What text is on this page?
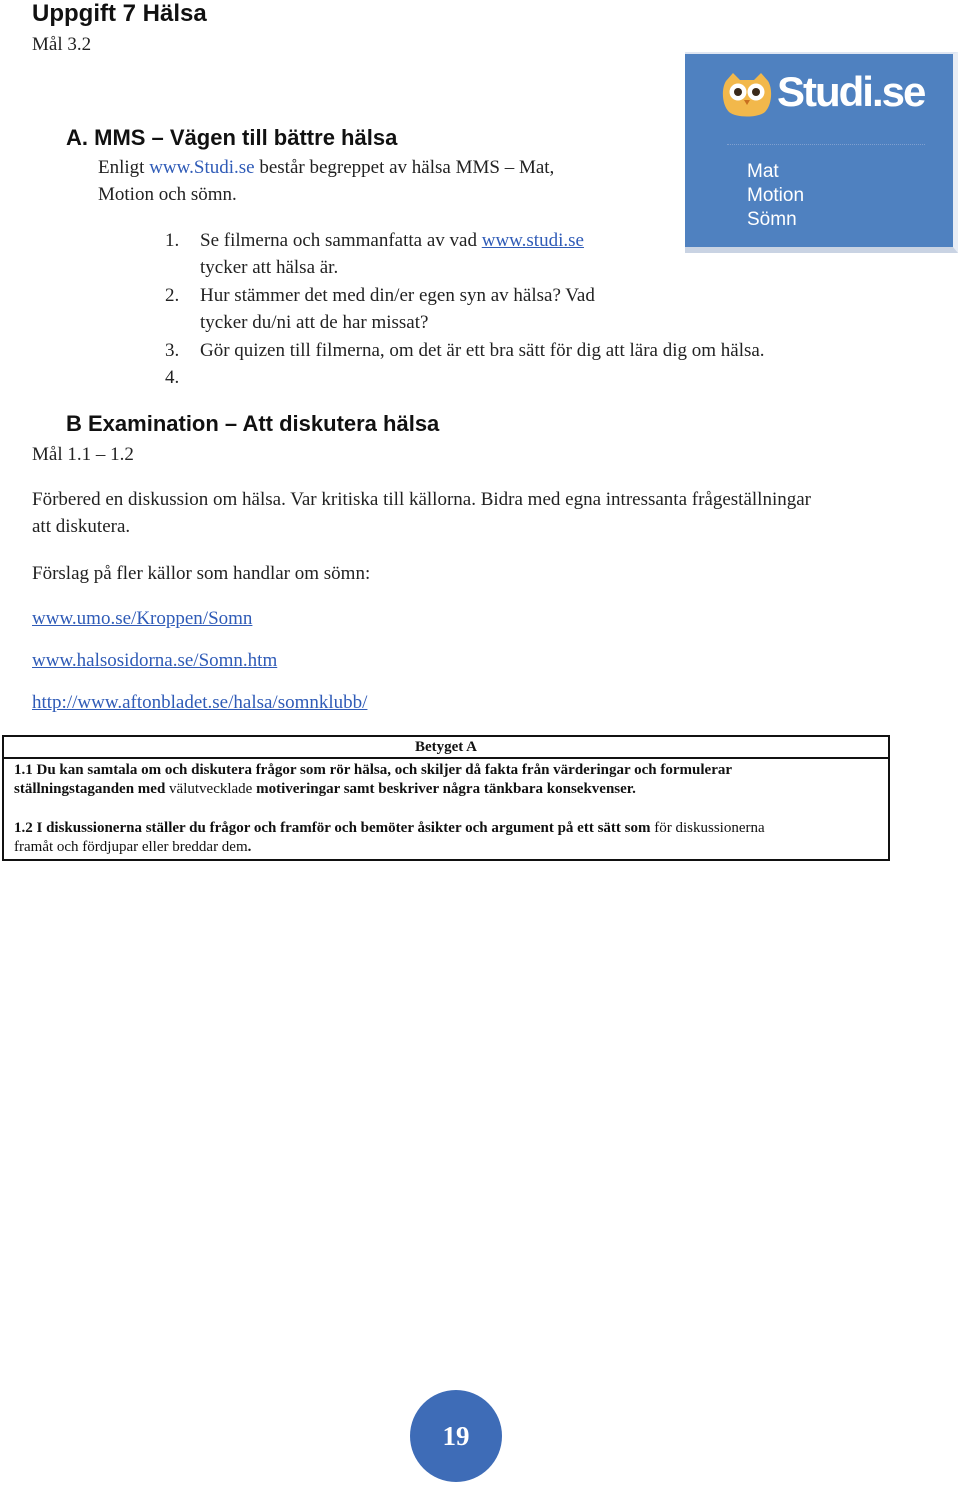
Uppgift 7 Hälsa
Mål 3.2
A. MMS – Vägen till bättre hälsa
Enligt www.Studi.se består begreppet av hälsa MMS – Mat,
Motion och sömn.
1. Se filmerna och sammanfatta av vad www.studi.se
tycker att hälsa är.
2. Hur stämmer det med din/er egen syn av hälsa? Vad
tycker du/ni att de har missat?
3. Gör quizen till filmerna, om det är ett bra sätt för dig att lära dig om hälsa.
4.
Studi.se
Mat
Motion
Sömn
B Examination – Att diskutera hälsa
Mål 1.1 – 1.2
Förbered en diskussion om hälsa. Var kritiska till källorna. Bidra med egna intressanta frågeställningar
att diskutera.
Förslag på fler källor som handlar om sömn:
www.umo.se/Kroppen/Somn
www.halsosidorna.se/Somn.htm
http://www.aftonbladet.se/halsa/somnklubb/
Betyget A
1.1 Du kan samtala om och diskutera frågor som rör hälsa, och skiljer då fakta från värderingar och formulerar
ställningstaganden med välutvecklade motiveringar samt beskriver några tänkbara konsekvenser.
1.2 I diskussionerna ställer du frågor och framför och bemöter åsikter och argument på ett sätt som för diskussionerna
framåt och fördjupar eller breddar dem.
19
